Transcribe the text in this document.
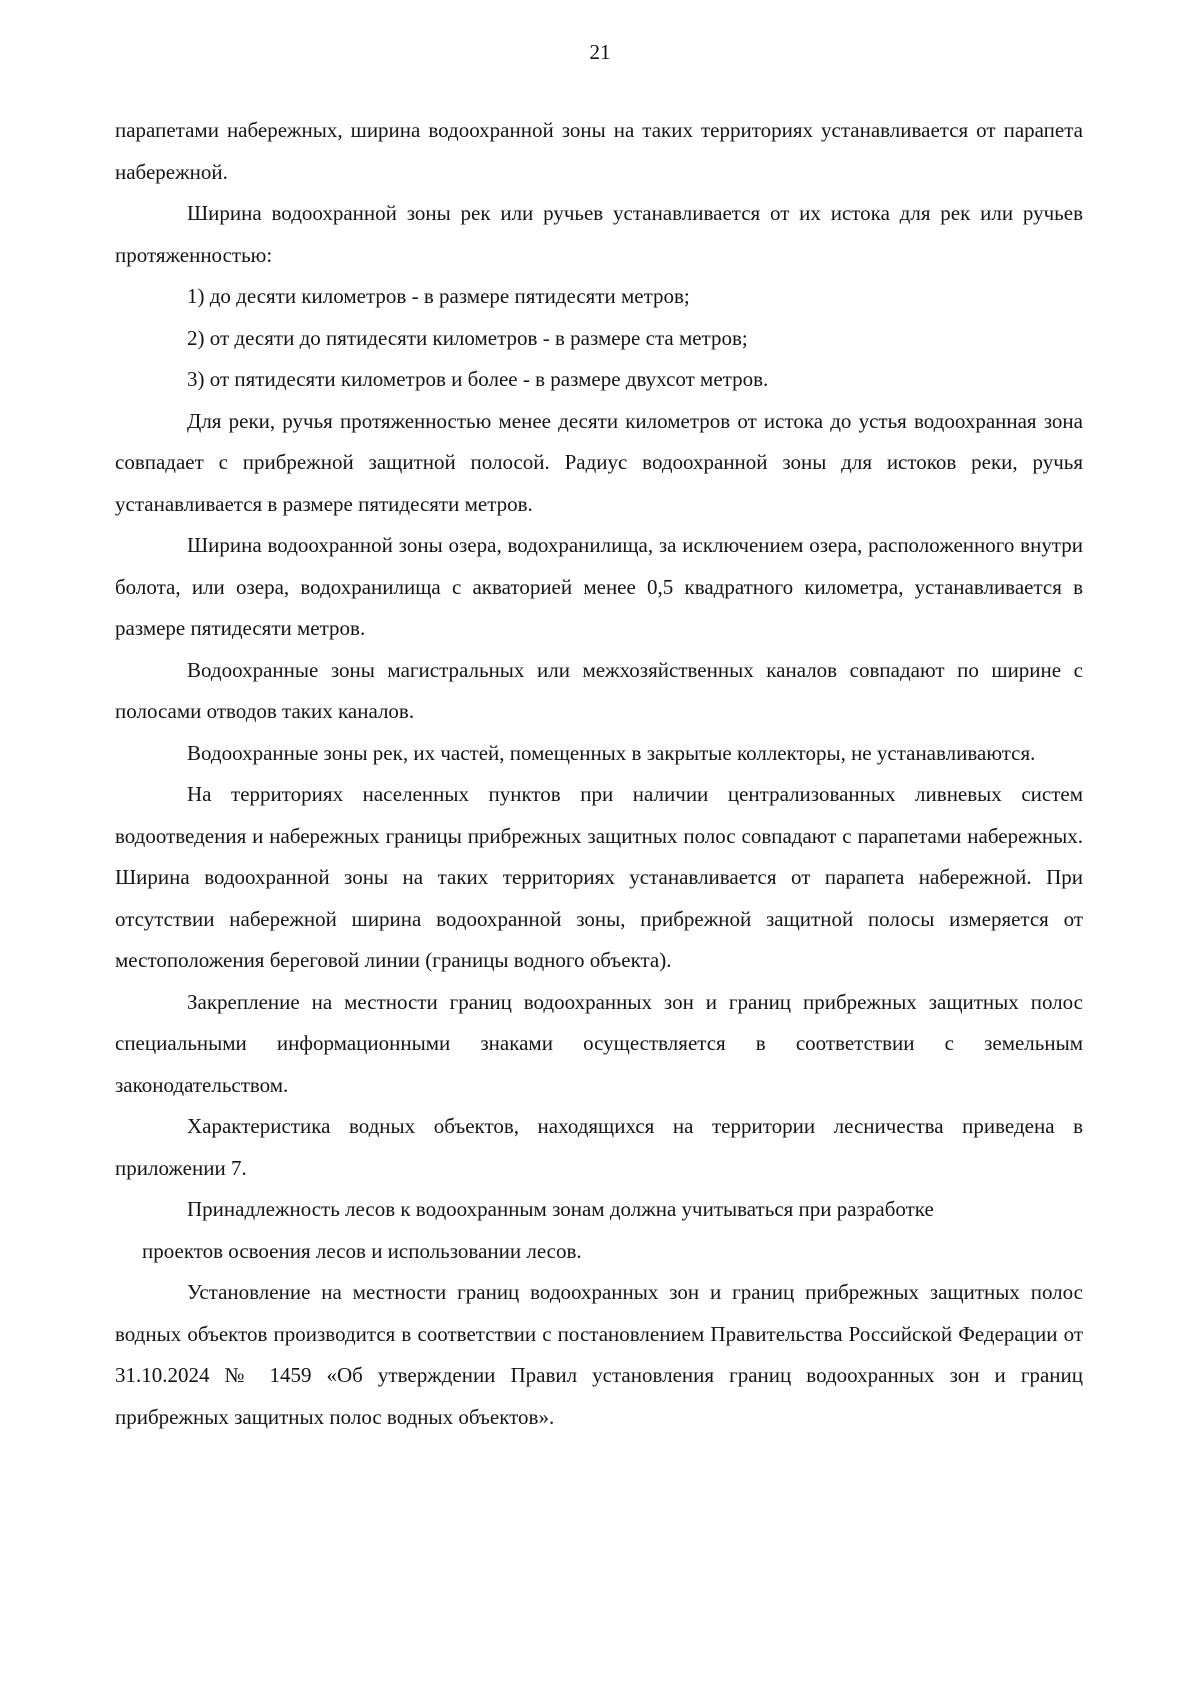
21

парапетами набережных, ширина водоохранной зоны на таких территориях устанавливается от парапета набережной.

Ширина водоохранной зоны рек или ручьев устанавливается от их истока для рек или ручьев протяженностью:

1) до десяти километров - в размере пятидесяти метров;

2) от десяти до пятидесяти километров - в размере ста метров;

3) от пятидесяти километров и более - в размере двухсот метров.

Для реки, ручья протяженностью менее десяти километров от истока до устья водоохранная зона совпадает с прибрежной защитной полосой. Радиус водоохранной зоны для истоков реки, ручья устанавливается в размере пятидесяти метров.

Ширина водоохранной зоны озера, водохранилища, за исключением озера, расположенного внутри болота, или озера, водохранилища с акваторией менее 0,5 квадратного километра, устанавливается в размере пятидесяти метров.

Водоохранные зоны магистральных или межхозяйственных каналов совпадают по ширине с полосами отводов таких каналов.

Водоохранные зоны рек, их частей, помещенных в закрытые коллекторы, не устанавливаются.

На территориях населенных пунктов при наличии централизованных ливневых систем водоотведения и набережных границы прибрежных защитных полос совпадают с парапетами набережных. Ширина водоохранной зоны на таких территориях устанавливается от парапета набережной. При отсутствии набережной ширина водоохранной зоны, прибрежной защитной полосы измеряется от местоположения береговой линии (границы водного объекта).

Закрепление на местности границ водоохранных зон и границ прибрежных защитных полос специальными информационными знаками осуществляется в соответствии с земельным законодательством.

Характеристика водных объектов, находящихся на территории лесничества приведена в приложении 7.

Принадлежность лесов к водоохранным зонам должна учитываться при разработке

проектов освоения лесов и использовании лесов.

Установление на местности границ водоохранных зон и границ прибрежных защитных полос водных объектов производится в соответствии с постановлением Правительства Российской Федерации от 31.10.2024 № 1459 «Об утверждении Правил установления границ водоохранных зон и границ прибрежных защитных полос водных объектов».
